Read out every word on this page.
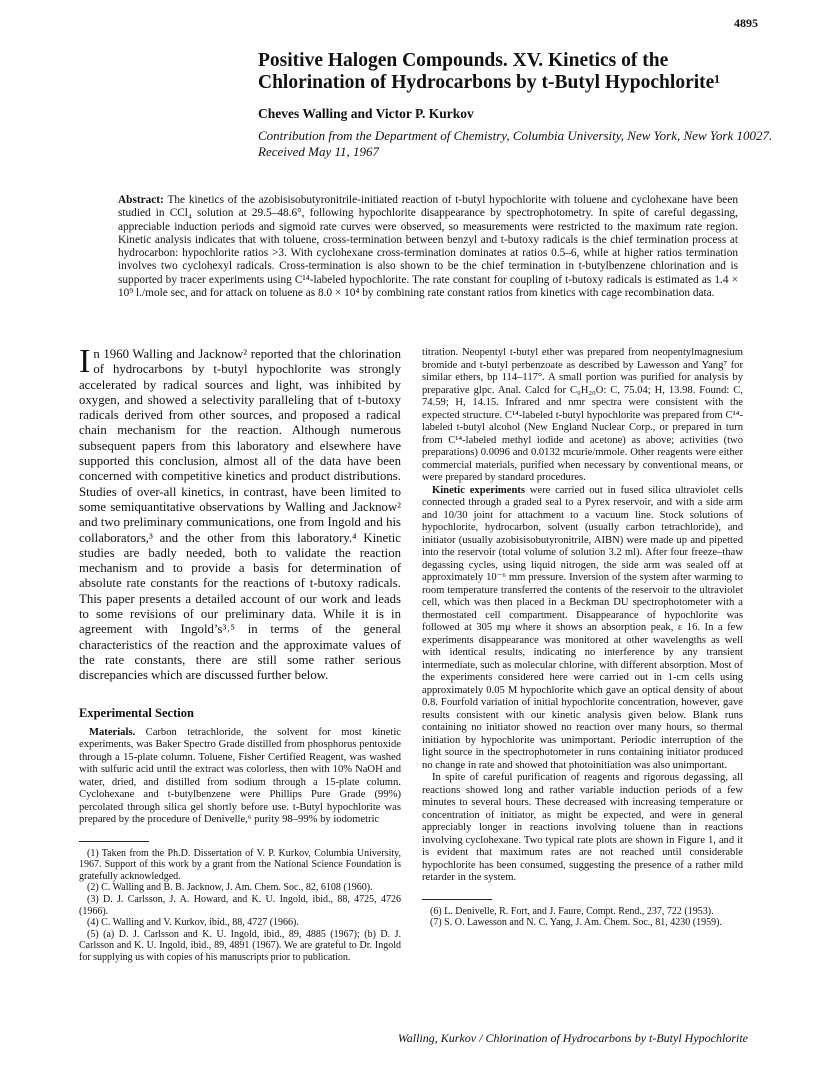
4895
Positive Halogen Compounds. XV. Kinetics of the Chlorination of Hydrocarbons by t-Butyl Hypochlorite¹
Cheves Walling and Victor P. Kurkov
Contribution from the Department of Chemistry, Columbia University, New York, New York 10027. Received May 11, 1967
Abstract: The kinetics of the azobisisobutyronitrile-initiated reaction of t-butyl hypochlorite with toluene and cyclohexane have been studied in CCl₄ solution at 29.5–48.6°, following hypochlorite disappearance by spectrophotometry. In spite of careful degassing, appreciable induction periods and sigmoid rate curves were observed, so measurements were restricted to the maximum rate region. Kinetic analysis indicates that with toluene, cross-termination between benzyl and t-butoxy radicals is the chief termination process at hydrocarbon: hypochlorite ratios >3. With cyclohexane cross-termination dominates at ratios 0.5–6, while at higher ratios termination involves two cyclohexyl radicals. Cross-termination is also shown to be the chief termination in t-butylbenzene chlorination and is supported by tracer experiments using C¹⁴-labeled hypochlorite. The rate constant for coupling of t-butoxy radicals is estimated as 1.4 × 10⁹ l./mole sec, and for attack on toluene as 8.0 × 10⁴ by combining rate constant ratios from kinetics with cage recombination data.

In 1960 Walling and Jacknow² reported that the chlorination of hydrocarbons by t-butyl hypochlorite was strongly accelerated by radical sources and light, was inhibited by oxygen, and showed a selectivity paralleling that of t-butoxy radicals derived from other sources, and proposed a radical chain mechanism for the reaction. Although numerous subsequent papers from this laboratory and elsewhere have supported this conclusion, almost all of the data have been concerned with competitive kinetics and product distributions. Studies of over-all kinetics, in contrast, have been limited to some semiquantitative observations by Walling and Jacknow² and two preliminary communications, one from Ingold and his collaborators,³ and the other from this laboratory.⁴ Kinetic studies are badly needed, both to validate the reaction mechanism and to provide a basis for determination of absolute rate constants for the reactions of t-butoxy radicals. This paper presents a detailed account of our work and leads to some revisions of our preliminary data. While it is in agreement with Ingold’s³˒⁵ in terms of the general characteristics of the reaction and the approximate values of the rate constants, there are still some rather serious discrepancies which are discussed further below.

Experimental Section

Materials. Carbon tetrachloride, the solvent for most kinetic experiments, was Baker Spectro Grade distilled from phosphorus pentoxide through a 15-plate column. Toluene, Fisher Certified Reagent, was washed with sulfuric acid until the extract was colorless, then with 10% NaOH and water, dried, and distilled from sodium through a 15-plate column. Cyclohexane and t-butylbenzene were Phillips Pure Grade (99%) percolated through silica gel shortly before use. t-Butyl hypochlorite was prepared by the procedure of Denivelle,⁶ purity 98–99% by iodometric

(1) Taken from the Ph.D. Dissertation of V. P. Kurkov, Columbia University, 1967. Support of this work by a grant from the National Science Foundation is gratefully acknowledged.

(2) C. Walling and B. B. Jacknow, J. Am. Chem. Soc., 82, 6108 (1960).

(3) D. J. Carlsson, J. A. Howard, and K. U. Ingold, ibid., 88, 4725, 4726 (1966).

(4) C. Walling and V. Kurkov, ibid., 88, 4727 (1966).

(5) (a) D. J. Carlsson and K. U. Ingold, ibid., 89, 4885 (1967); (b) D. J. Carlsson and K. U. Ingold, ibid., 89, 4891 (1967). We are grateful to Dr. Ingold for supplying us with copies of his manuscripts prior to publication.

titration. Neopentyl t-butyl ether was prepared from neopentylmagnesium bromide and t-butyl perbenzoate as described by Lawesson and Yang⁷ for similar ethers, bp 114–117°. A small portion was purified for analysis by preparative glpc. Anal. Calcd for C₉H₂₀O: C, 75.04; H, 13.98. Found: C, 74.59; H, 14.15. Infrared and nmr spectra were consistent with the expected structure. C¹⁴-labeled t-butyl hypochlorite was prepared from C¹⁴-labeled t-butyl alcohol (New England Nuclear Corp., or prepared in turn from C¹⁴-labeled methyl iodide and acetone) as above; activities (two preparations) 0.0096 and 0.0132 mcurie/mmole. Other reagents were either commercial materials, purified when necessary by conventional means, or were prepared by standard procedures.

Kinetic experiments were carried out in fused silica ultraviolet cells connected through a graded seal to a Pyrex reservoir, and with a side arm and 10/30 joint for attachment to a vacuum line. Stock solutions of hypochlorite, hydrocarbon, solvent (usually carbon tetrachloride), and initiator (usually azobisisobutyronitrile, AIBN) were made up and pipetted into the reservoir (total volume of solution 3.2 ml). After four freeze–thaw degassing cycles, using liquid nitrogen, the side arm was sealed off at approximately 10⁻⁶ mm pressure. Inversion of the system after warming to room temperature transferred the contents of the reservoir to the ultraviolet cell, which was then placed in a Beckman DU spectrophotometer with a thermostated cell compartment. Disappearance of hypochlorite was followed at 305 mμ where it shows an absorption peak, ε 16. In a few experiments disappearance was monitored at other wavelengths as well with identical results, indicating no interference by any transient intermediate, such as molecular chlorine, with different absorption. Most of the experiments considered here were carried out in 1-cm cells using approximately 0.05 M hypochlorite which gave an optical density of about 0.8. Fourfold variation of initial hypochlorite concentration, however, gave results consistent with our kinetic analysis given below. Blank runs containing no initiator showed no reaction over many hours, so thermal initiation by hypochlorite was unimportant. Periodic interruption of the light source in the spectrophotometer in runs containing initiator produced no change in rate and showed that photoinitiation was also unimportant.

In spite of careful purification of reagents and rigorous degassing, all reactions showed long and rather variable induction periods of a few minutes to several hours. These decreased with increasing temperature or concentration of initiator, as might be expected, and were in general appreciably longer in reactions involving toluene than in reactions involving cyclohexane. Two typical rate plots are shown in Figure 1, and it is evident that maximum rates are not reached until considerable hypochlorite has been consumed, suggesting the presence of a rather mild retarder in the system.

(6) L. Denivelle, R. Fort, and J. Faure, Compt. Rend., 237, 722 (1953).

(7) S. O. Lawesson and N. C. Yang, J. Am. Chem. Soc., 81, 4230 (1959).

Walling, Kurkov / Chlorination of Hydrocarbons by t-Butyl Hypochlorite
